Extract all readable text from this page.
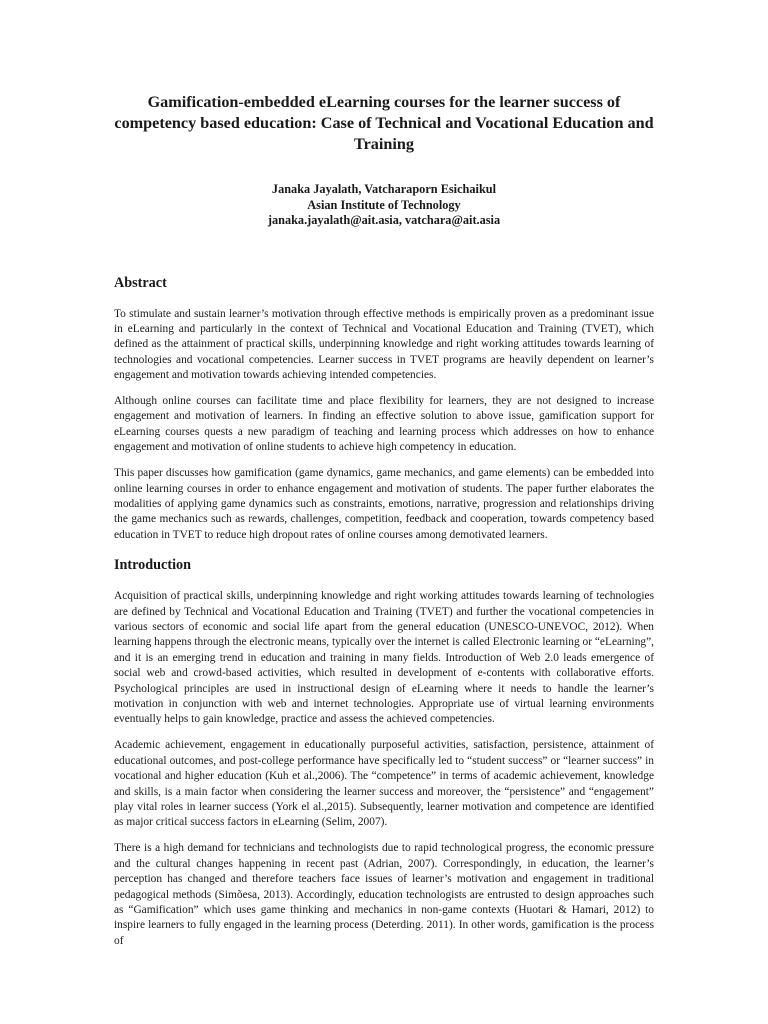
Gamification-embedded eLearning courses for the learner success of competency based education: Case of Technical and Vocational Education and Training
Janaka Jayalath, Vatcharaporn Esichaikul
Asian Institute of Technology
janaka.jayalath@ait.asia, vatchara@ait.asia
Abstract

To stimulate and sustain learner’s motivation through effective methods is empirically proven as a predominant issue in eLearning and particularly in the context of Technical and Vocational Education and Training (TVET), which defined as the attainment of practical skills, underpinning knowledge and right working attitudes towards learning of technologies and vocational competencies. Learner success in TVET programs are heavily dependent on learner’s engagement and motivation towards achieving intended competencies.

Although online courses can facilitate time and place flexibility for learners, they are not designed to increase engagement and motivation of learners. In finding an effective solution to above issue, gamification support for eLearning courses quests a new paradigm of teaching and learning process which addresses on how to enhance engagement and motivation of online students to achieve high competency in education.

This paper discusses how gamification (game dynamics, game mechanics, and game elements) can be embedded into online learning courses in order to enhance engagement and motivation of students. The paper further elaborates the modalities of applying game dynamics such as constraints, emotions, narrative, progression and relationships driving the game mechanics such as rewards, challenges, competition, feedback and cooperation, towards competency based education in TVET to reduce high dropout rates of online courses among demotivated learners.

Introduction

Acquisition of practical skills, underpinning knowledge and right working attitudes towards learning of technologies are defined by Technical and Vocational Education and Training (TVET) and further the vocational competencies in various sectors of economic and social life apart from the general education (UNESCO-UNEVOC, 2012). When learning happens through the electronic means, typically over the internet is called Electronic learning or “eLearning”, and it is an emerging trend in education and training in many fields. Introduction of Web 2.0 leads emergence of social web and crowd-based activities, which resulted in development of e-contents with collaborative efforts. Psychological principles are used in instructional design of eLearning where it needs to handle the learner’s motivation in conjunction with web and internet technologies. Appropriate use of virtual learning environments eventually helps to gain knowledge, practice and assess the achieved competencies.

Academic achievement, engagement in educationally purposeful activities, satisfaction, persistence, attainment of educational outcomes, and post-college performance have specifically led to “student success” or “learner success” in vocational and higher education (Kuh et al.,2006). The “competence” in terms of academic achievement, knowledge and skills, is a main factor when considering the learner success and moreover, the “persistence” and “engagement” play vital roles in learner success (York el al.,2015). Subsequently, learner motivation and competence are identified as major critical success factors in eLearning (Selim, 2007).

There is a high demand for technicians and technologists due to rapid technological progress, the economic pressure and the cultural changes happening in recent past (Adrian, 2007). Correspondingly, in education, the learner’s perception has changed and therefore teachers face issues of learner’s motivation and engagement in traditional pedagogical methods (Simõesa, 2013). Accordingly, education technologists are entrusted to design approaches such as “Gamification” which uses game thinking and mechanics in non-game contexts (Huotari & Hamari, 2012) to inspire learners to fully engaged in the learning process (Deterding. 2011). In other words, gamification is the process of
